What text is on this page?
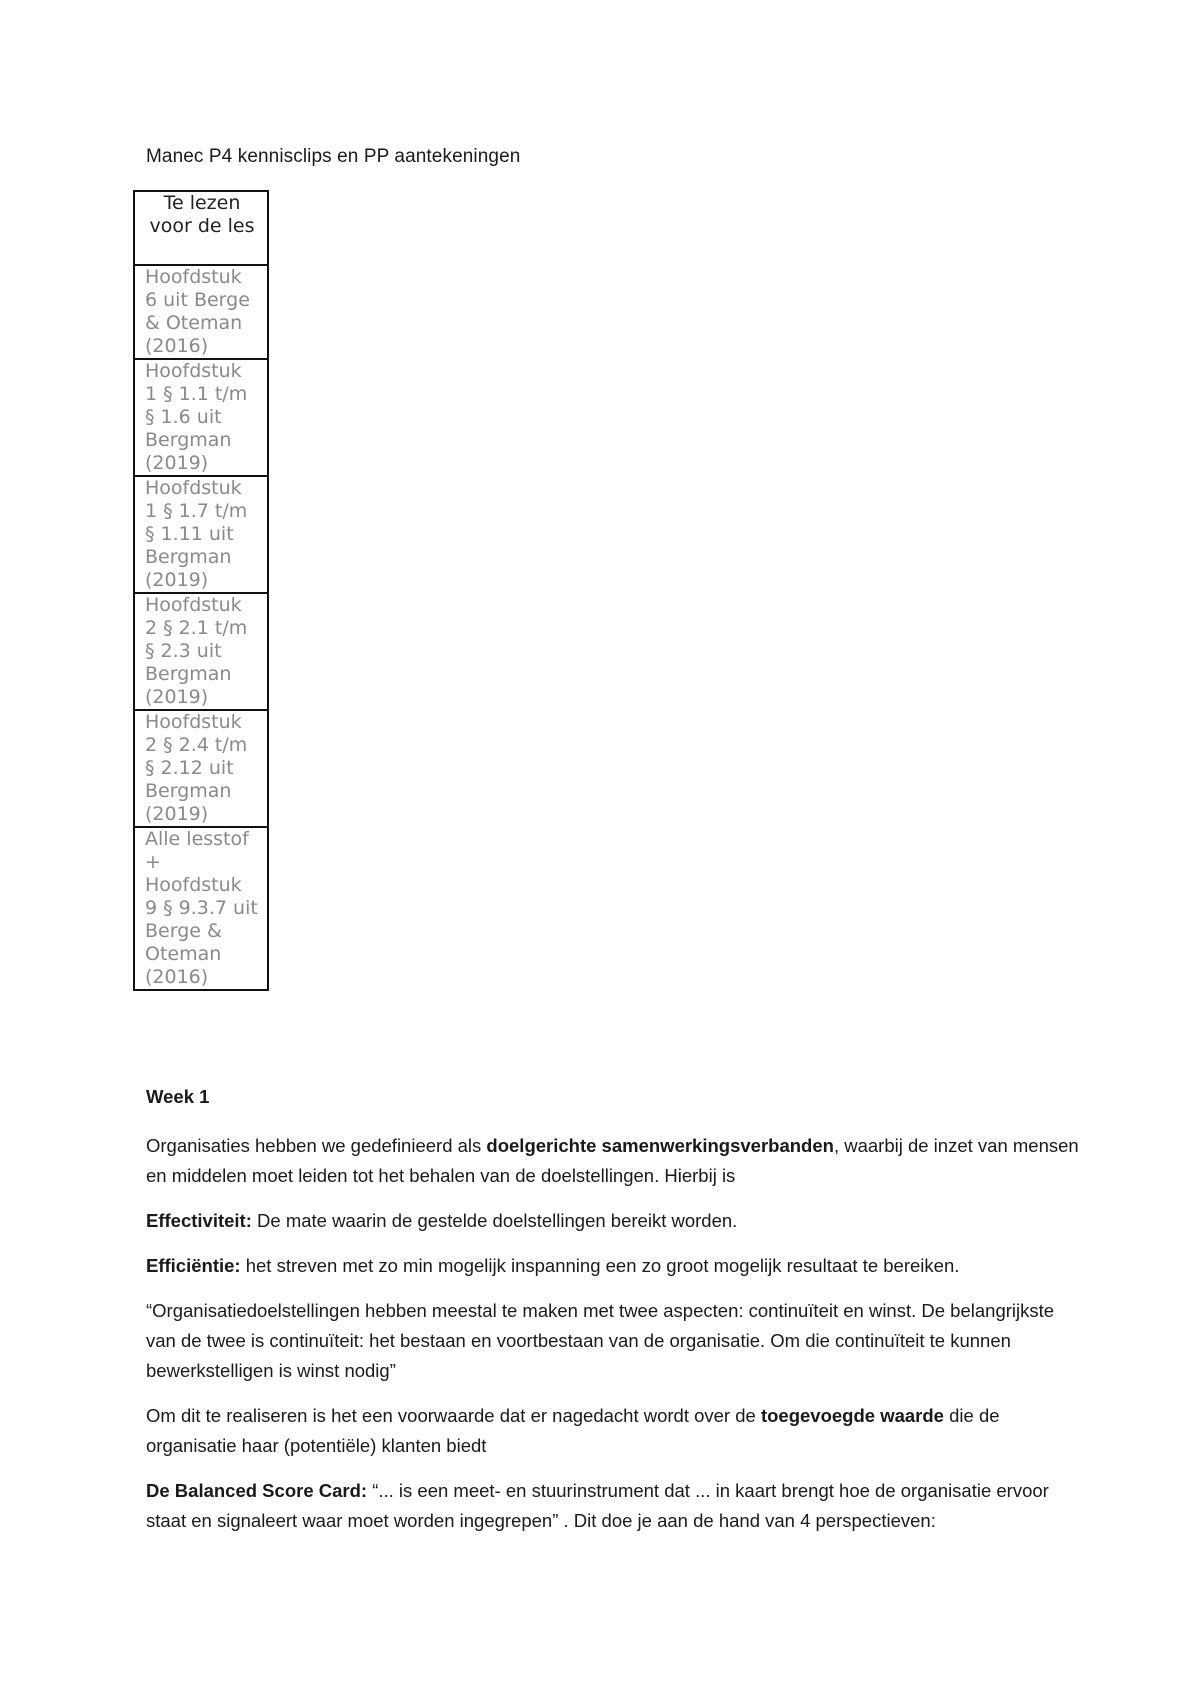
Manec P4 kennisclips en PP aantekeningen
Te lezen voor de les
Hoofdstuk 6 uit Berge & Oteman (2016)
Hoofdstuk 1 § 1.1 t/m § 1.6 uit Bergman (2019)
Hoofdstuk 1 § 1.7 t/m § 1.11 uit Bergman (2019)
Hoofdstuk 2 § 2.1 t/m § 2.3 uit Bergman (2019)
Hoofdstuk 2 § 2.4 t/m § 2.12 uit Bergman (2019)
Alle lesstof + Hoofdstuk 9 § 9.3.7 uit Berge & Oteman (2016)
Week 1

Organisaties hebben we gedefinieerd als doelgerichte samenwerkingsverbanden, waarbij de inzet van mensen en middelen moet leiden tot het behalen van de doelstellingen. Hierbij is

Effectiviteit: De mate waarin de gestelde doelstellingen bereikt worden.

Efficiëntie: het streven met zo min mogelijk inspanning een zo groot mogelijk resultaat te bereiken.

“Organisatiedoelstellingen hebben meestal te maken met twee aspecten: continuïteit en winst. De belangrijkste van de twee is continuïteit: het bestaan en voortbestaan van de organisatie. Om die continuïteit te kunnen bewerkstelligen is winst nodig”

Om dit te realiseren is het een voorwaarde dat er nagedacht wordt over de toegevoegde waarde die de organisatie haar (potentiële) klanten biedt

De Balanced Score Card: “... is een meet- en stuurinstrument dat ... in kaart brengt hoe de organisatie ervoor staat en signaleert waar moet worden ingegrepen” . Dit doe je aan de hand van 4 perspectieven:
